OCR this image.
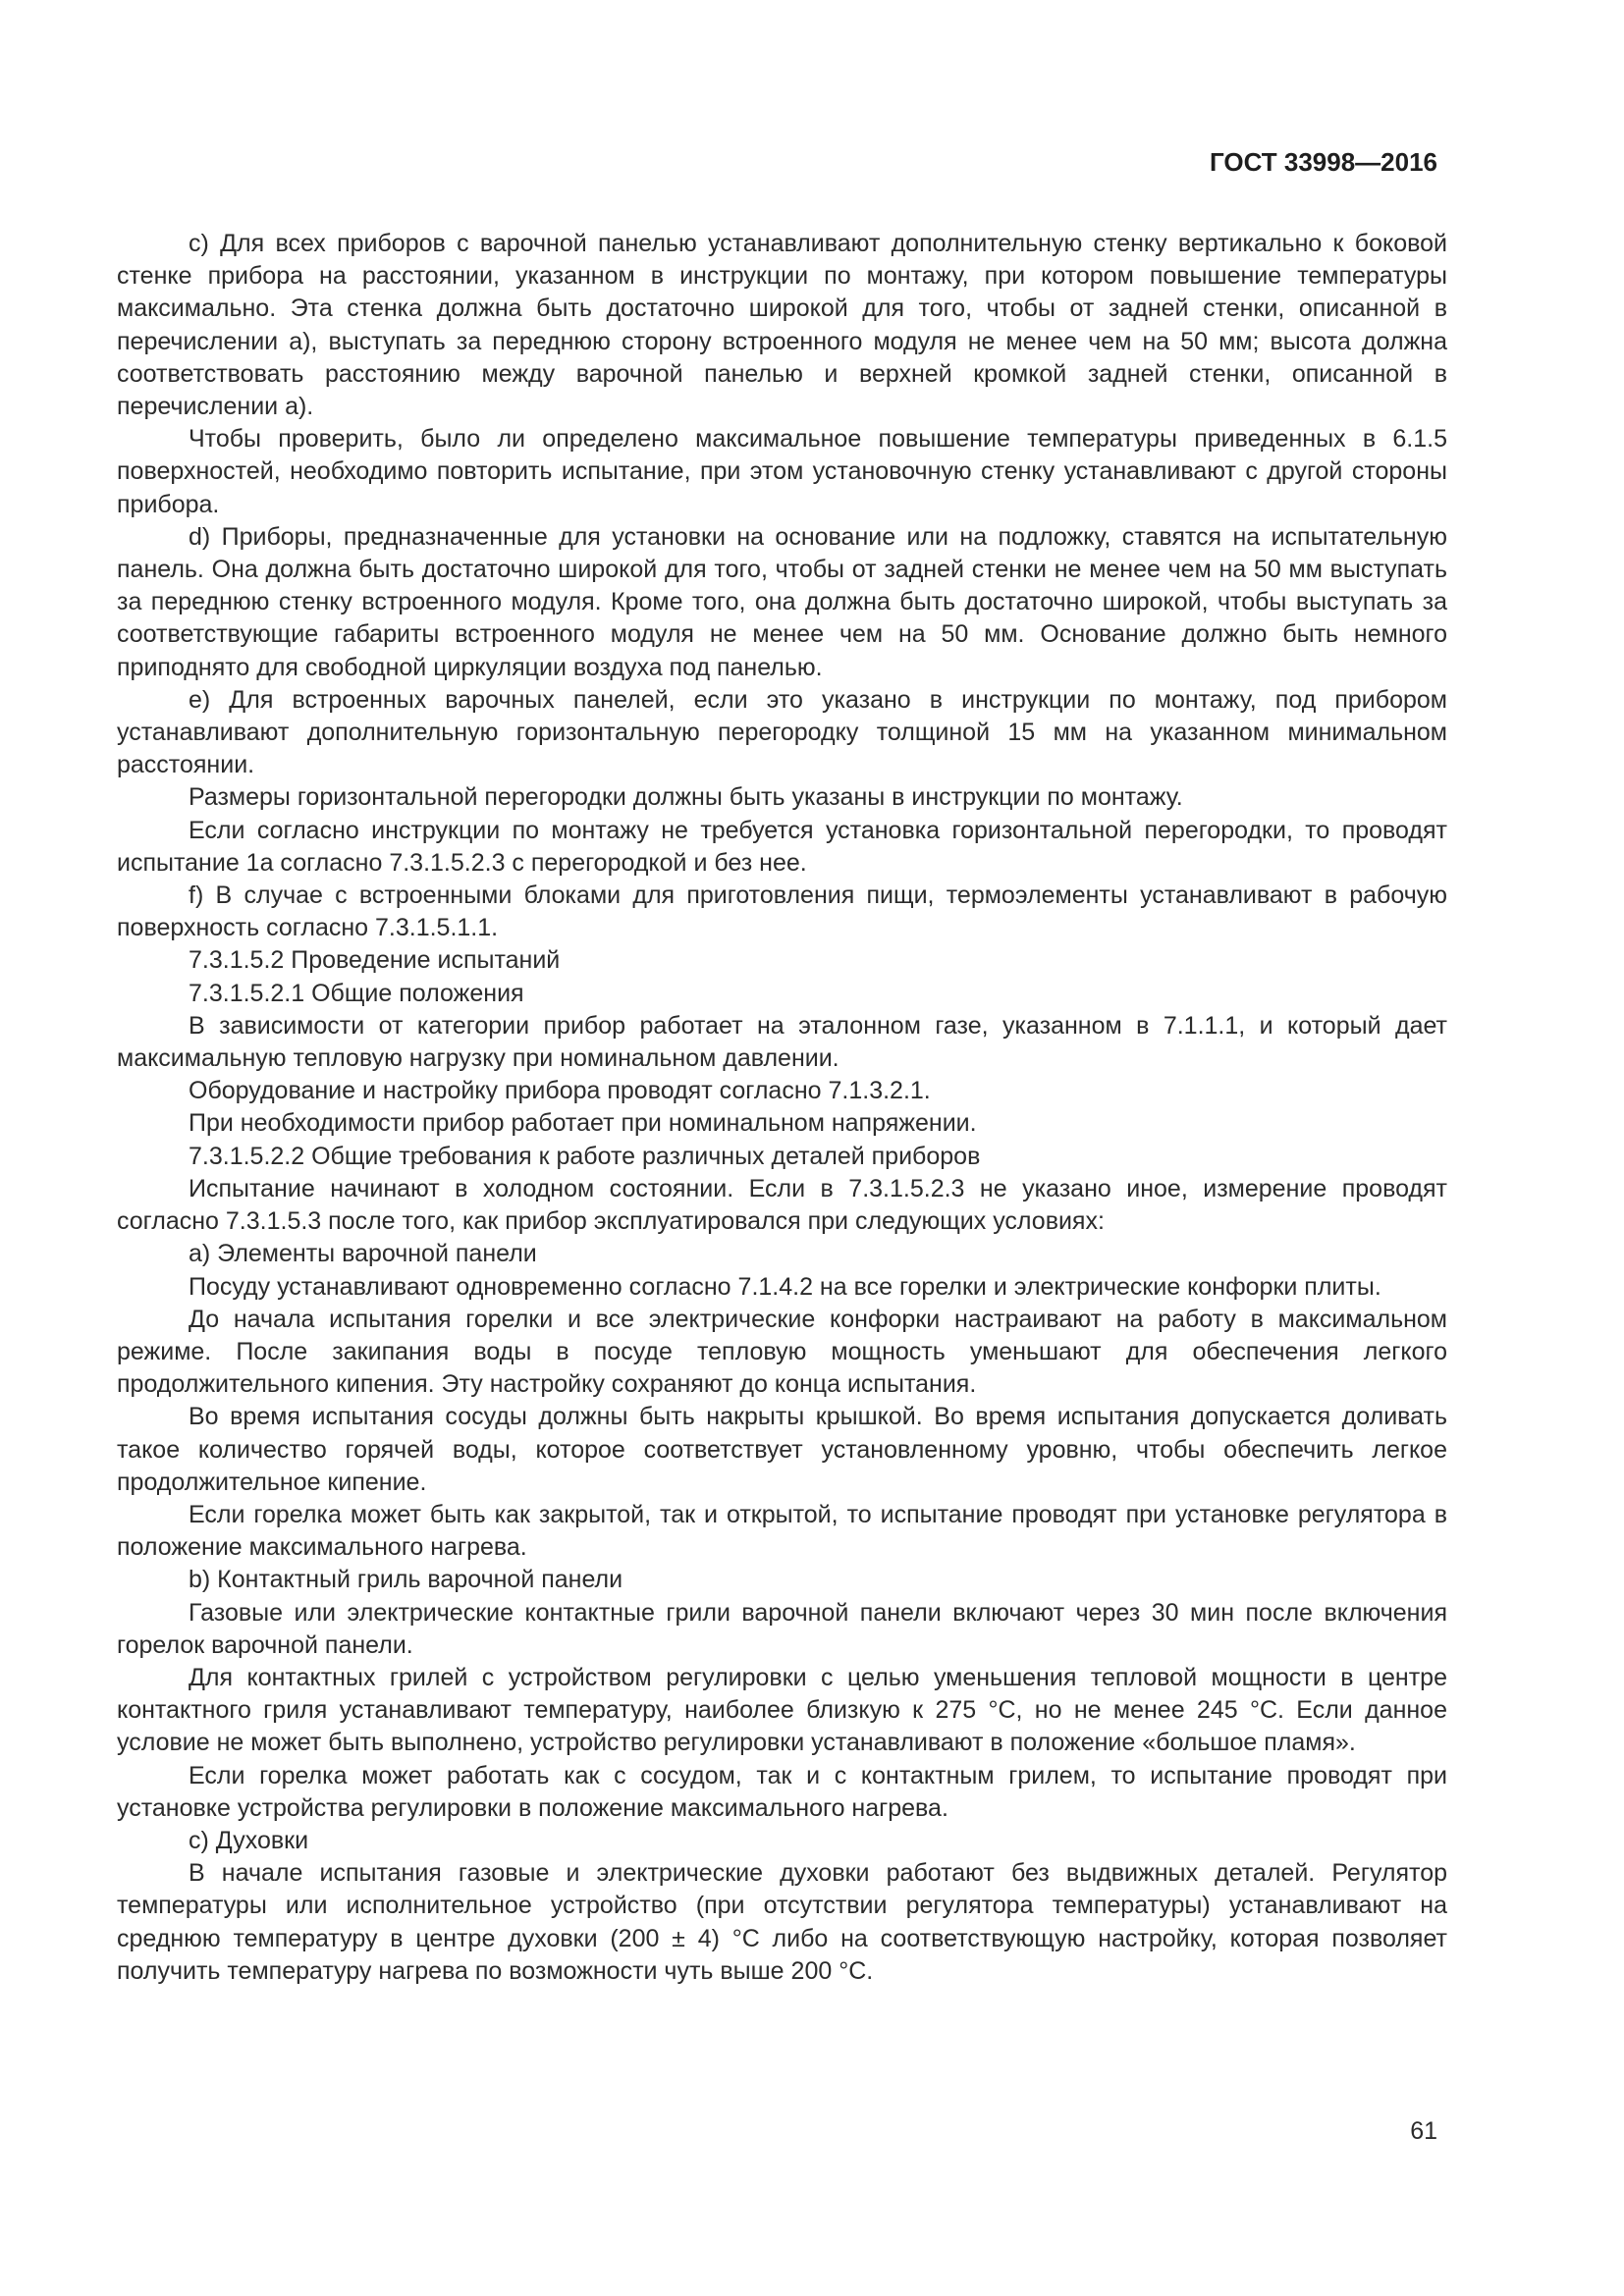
ГОСТ 33998—2016

с) Для всех приборов с варочной панелью устанавливают дополнительную стенку вертикально к боковой стенке прибора на расстоянии, указанном в инструкции по монтажу, при котором повышение температуры максимально. Эта стенка должна быть достаточно широкой для того, чтобы от задней стенки, описанной в перечислении а), выступать за переднюю сторону встроенного модуля не менее чем на 50 мм; высота должна соответствовать расстоянию между варочной панелью и верхней кромкой задней стенки, описанной в перечислении а).

Чтобы проверить, было ли определено максимальное повышение температуры приведенных в 6.1.5 поверхностей, необходимо повторить испытание, при этом установочную стенку устанавливают с другой стороны прибора.

d) Приборы, предназначенные для установки на основание или на подложку, ставятся на испытательную панель. Она должна быть достаточно широкой для того, чтобы от задней стенки не менее чем на 50 мм выступать за переднюю стенку встроенного модуля. Кроме того, она должна быть достаточно широкой, чтобы выступать за соответствующие габариты встроенного модуля не менее чем на 50 мм. Основание должно быть немного приподнято для свободной циркуляции воздуха под панелью.

е) Для встроенных варочных панелей, если это указано в инструкции по монтажу, под прибором устанавливают дополнительную горизонтальную перегородку толщиной 15 мм на указанном минимальном расстоянии.

Размеры горизонтальной перегородки должны быть указаны в инструкции по монтажу.

Если согласно инструкции по монтажу не требуется установка горизонтальной перегородки, то проводят испытание 1а согласно 7.3.1.5.2.3 с перегородкой и без нее.

f) В случае с встроенными блоками для приготовления пищи, термоэлементы устанавливают в рабочую поверхность согласно 7.3.1.5.1.1.

7.3.1.5.2 Проведение испытаний

7.3.1.5.2.1 Общие положения

В зависимости от категории прибор работает на эталонном газе, указанном в 7.1.1.1, и который дает максимальную тепловую нагрузку при номинальном давлении.

Оборудование и настройку прибора проводят согласно 7.1.3.2.1.

При необходимости прибор работает при номинальном напряжении.

7.3.1.5.2.2 Общие требования к работе различных деталей приборов

Испытание начинают в холодном состоянии. Если в 7.3.1.5.2.3 не указано иное, измерение проводят согласно 7.3.1.5.3 после того, как прибор эксплуатировался при следующих условиях:

а) Элементы варочной панели

Посуду устанавливают одновременно согласно 7.1.4.2 на все горелки и электрические конфорки плиты.

До начала испытания горелки и все электрические конфорки настраивают на работу в максимальном режиме. После закипания воды в посуде тепловую мощность уменьшают для обеспечения легкого продолжительного кипения. Эту настройку сохраняют до конца испытания.

Во время испытания сосуды должны быть накрыты крышкой. Во время испытания допускается доливать такое количество горячей воды, которое соответствует установленному уровню, чтобы обеспечить легкое продолжительное кипение.

Если горелка может быть как закрытой, так и открытой, то испытание проводят при установке регулятора в положение максимального нагрева.

b) Контактный гриль варочной панели

Газовые или электрические контактные грили варочной панели включают через 30 мин после включения горелок варочной панели.

Для контактных грилей с устройством регулировки с целью уменьшения тепловой мощности в центре контактного гриля устанавливают температуру, наиболее близкую к 275 °С, но не менее 245 °С. Если данное условие не может быть выполнено, устройство регулировки устанавливают в положение «большое пламя».

Если горелка может работать как с сосудом, так и с контактным грилем, то испытание проводят при установке устройства регулировки в положение максимального нагрева.

с) Духовки

В начале испытания газовые и электрические духовки работают без выдвижных деталей. Регулятор температуры или исполнительное устройство (при отсутствии регулятора температуры) устанавливают на среднюю температуру в центре духовки (200 ± 4) °С либо на соответствующую настройку, которая позволяет получить температуру нагрева по возможности чуть выше 200 °С.

61
